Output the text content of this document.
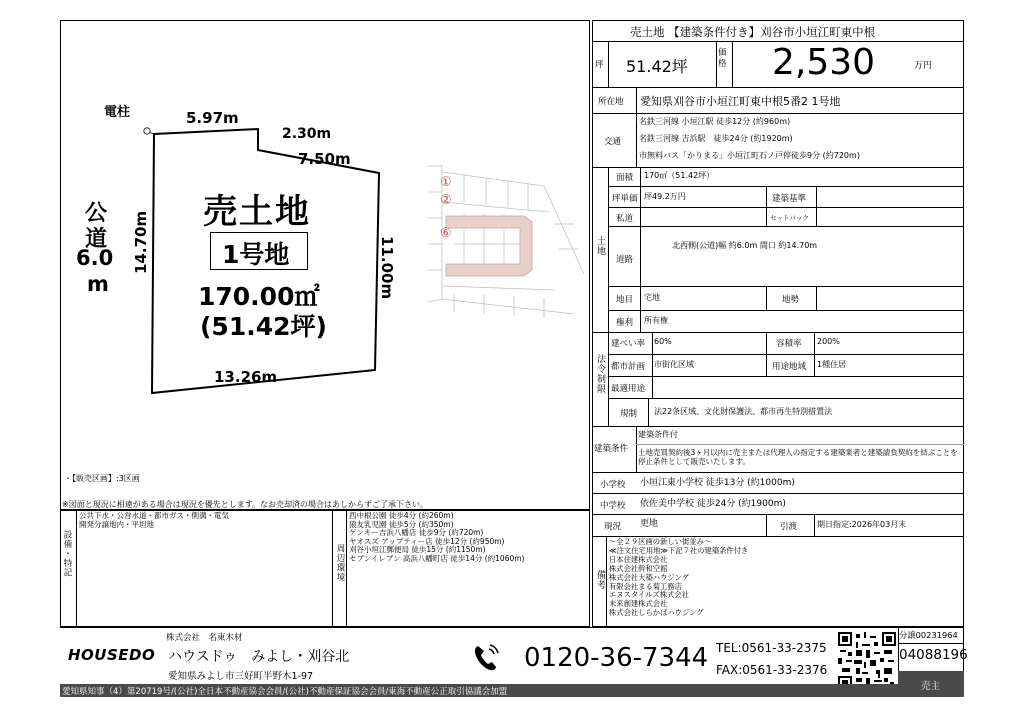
電柱
公
道
6.0
m
5.97m
2.30m
7.50m
14.70m	11.00m
13.26m
売土地
1号地
170.00㎡
(51.42坪)
①
②
⑥
・【販売区画】:3区画
※図面と現況に相違がある場合は現況を優先とします。なお売却済の場合はあしからずご了承下さい。
設備・特記
公共下水・公営水道・都市ガス・側溝・電気
開発分譲地内・平坦地
周辺環境
西中根公園 徒歩4分 (約260m)
猿友乳児園 徒歩5分 (約350m)
ゲンキー吉浜八幡店 徒歩9分 (約720m)
ヤオスズ アップティー店 徒歩12分 (約950m)
刈谷小垣江郵便局 徒歩15分 (約1150m)
セブンイレブン 高浜八幡町店 徒歩14分 (約1060m)
売土地 【建築条件付き】刈谷市小垣江町東中根
坪 51.42坪
価格 2,530	万円
所在地 愛知県刈谷市小垣江町東中根5番2 1号地
交通
名鉄三河線 小垣江駅 徒歩12分 (約960m)
名鉄三河線 吉浜駅　徒歩24分 (約1920m)
市無料バス「かりまる」小垣江町石ノ戸停徒歩9分 (約720m)
土地
面積 170㎡（51.42坪）
坪単価 坪49.2万円	建築基準
私道	セットバック
道路
北西側(公道)幅 約6.0m 間口 約14.70m
地目 宅地	地勢
権利 所有権
法令制限
建ぺい率 60%	容積率 200%
都市計画 市街化区域	用途地域 1種住居
最適用途
規制 法22条区域、文化財保護法、都市再生特別措置法
建築条件
建築条件付
土地売買契約後3ヶ月以内に売主または代理人の指定する建築業者と建築請負契約を結ぶことを停止条件として販売いたします。
小学校 小垣江東小学校 徒歩13分 (約1000m)
中学校 依佐美中学校 徒歩24分 (約1900m)
現況 更地	引渡 期日指定:2026年03月末
備考
〜全２９区画の新しい街並み〜
≪注文住宅用地≫下記７社の建築条件付き
日本住建株式会社
株式会社幹和空館
株式会社大築ハウジング
有限会社まる菊工務店
エヌスタイルズ株式会社
未来創建株式会社
株式会社しらかばハウジング
株式会社　名東木材
HOUSEDO ハウスドゥ　みよし・刈谷北
愛知県みよし市三好町半野木1-97
0120-36-7344 TEL:0561-33-2375
FAX:0561-33-2376
分譲00231964
04088196
売主
愛知県知事（4）第20719号/(公社)全日本不動産協会会員/(公社)不動産保証協会会員/東海不動産公正取引協議会加盟
